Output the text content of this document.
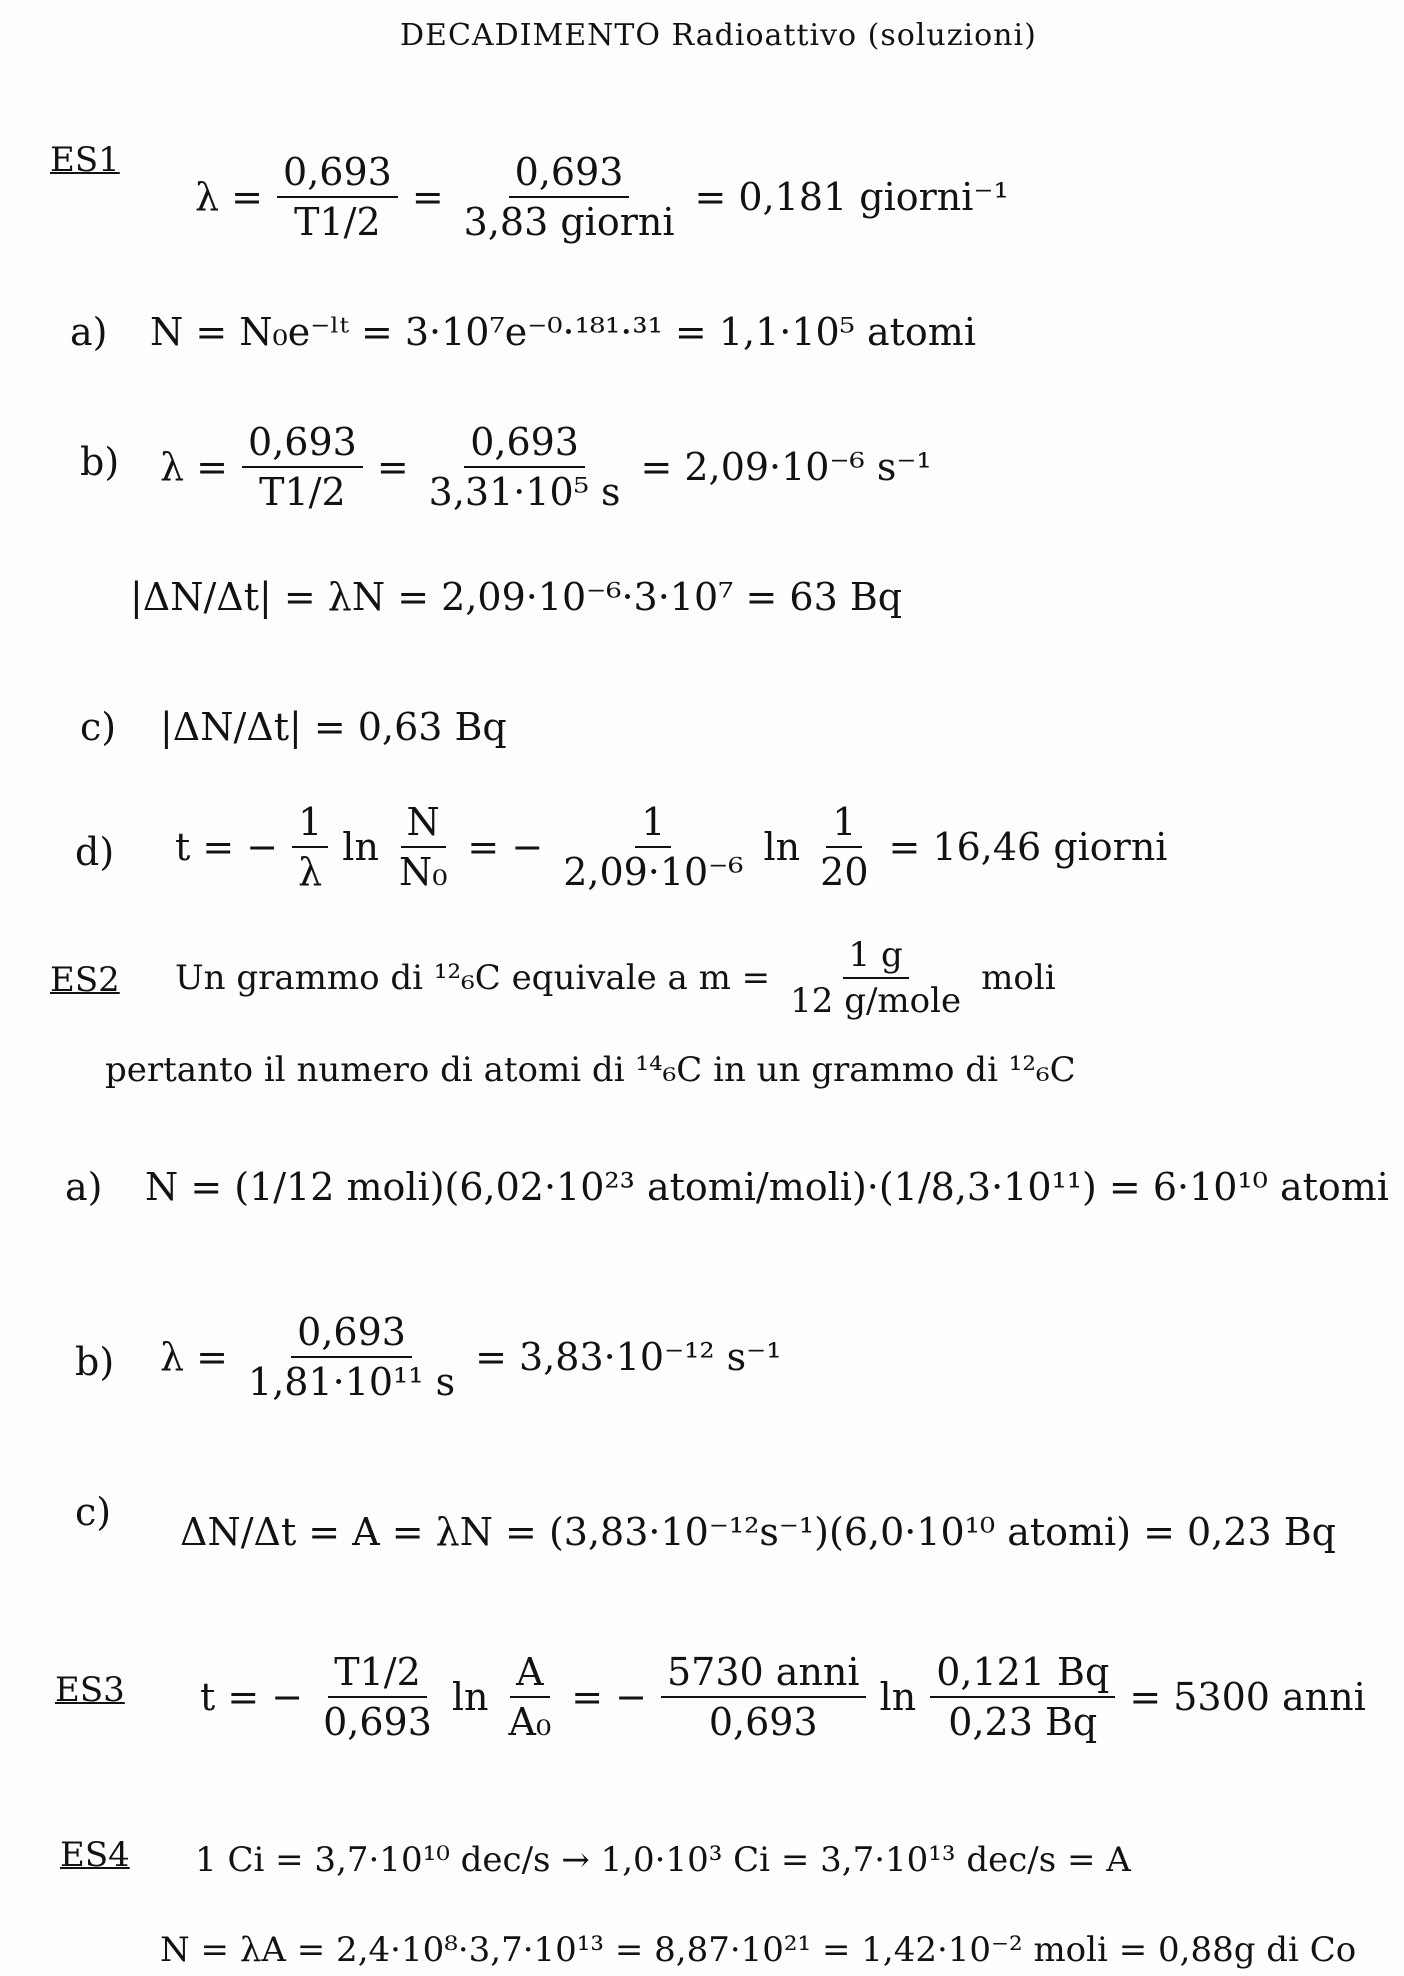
DECADIMENTO Radioattivo (soluzioni)
ES1
$\lambda = \frac{0,693}{T1/2} = \frac{0,693}{\text{3,83 giorni}} = 0,181$ giorni⁻¹
a) N = N₀e⁻ˡᵗ = 3·10⁷e⁻⁰·¹⁸¹·³¹ = 1,1·10⁵ atomi
b) $\lambda = \frac{0,693}{T1/2} = \frac{0,693}{\text{3,31·10⁵ s}} = 2,09\cdot 10^{-6}$ s⁻¹
|ΔN/Δt| = λN = 2,09·10⁻⁶·3·10⁷ = 63 Bq
c) |ΔN/Δt| = 0,63 Bq
d) t = − $\frac{1}{\lambda}$ $\ln \frac{N}{\text{N₀}}$ = − $\frac{1}{\text{2,09·10⁻⁶}}$ $\ln \frac{1}{20} = 16,46$ giorni
ES2 Un grammo di ¹²₆C equivale a $m = \frac{1 g}{\text{12 g/mole}}$ moli
pertanto il numero di atomi di ¹⁴₆C in un grammo di ¹²₆C
a) N = (1/12 moli)(6,02·10²³ atomi/moli)·(1/8,3·10¹¹) = 6·10¹⁰ atomi
b) $\lambda = \frac{0,693}{\text{1,81·10¹¹ s}} = 3,83\cdot 10^{-12}$ s⁻¹
c) ΔN/Δt = A = λN = (3,83·10⁻¹²s⁻¹)(6,0·10¹⁰ atomi) = 0,23 Bq
ES3 t = − $\frac{T1/2}{0,693}$ $\ln \frac{A}{\text{A₀}}$ = − $\frac{\text{5730 anni}}{0,693}$ $\ln \frac{0,121 Bq}{0,23 Bq} = 5300$ anni
ES4 1 Ci = 3,7·10¹⁰ dec/s → 1,0·10³ Ci = 3,7·10¹³ dec/s = A
N = λA = 2,4·10⁸·3,7·10¹³ = 8,87·10²¹ = 1,42·10⁻² moli = 0,88g di Co
